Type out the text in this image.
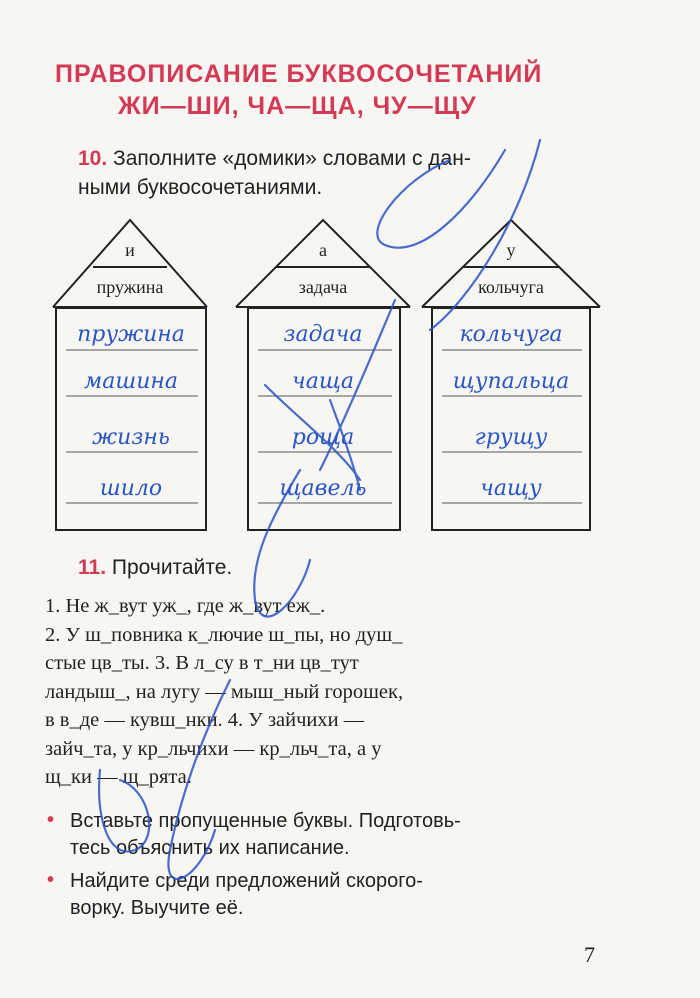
ПРАВОПИСАНИЕ БУКВОСОЧЕТАНИЙ
ЖИ—ШИ, ЧА—ЩА, ЧУ—ЩУ
10. Заполните «домики» словами с дан-
ными буквосочетаниями.
и
пружина
а
задача
у
кольчуга
пружина
машина
жизнь
шило
задача
чаща
роща
щавель
кольчуга
щупальца
грущу
чащу
11. Прочитайте.
1. Не ж_вут уж_, где ж_вут еж_.
2. У ш_повника к_лючие ш_пы, но душ_
стые цв_ты. 3. В л_су в т_ни цв_тут
ландыш_, на лугу — мыш_ный горошек,
в в_де — кувш_нки. 4. У зайчихи —
зайч_та, у кр_льчихи — кр_льч_та, а у
щ_ки — щ_рята.
• Вставьте пропущенные буквы. Подготовь-
тесь объяснить их написание.
• Найдите среди предложений скорого-
ворку. Выучите её.
7
